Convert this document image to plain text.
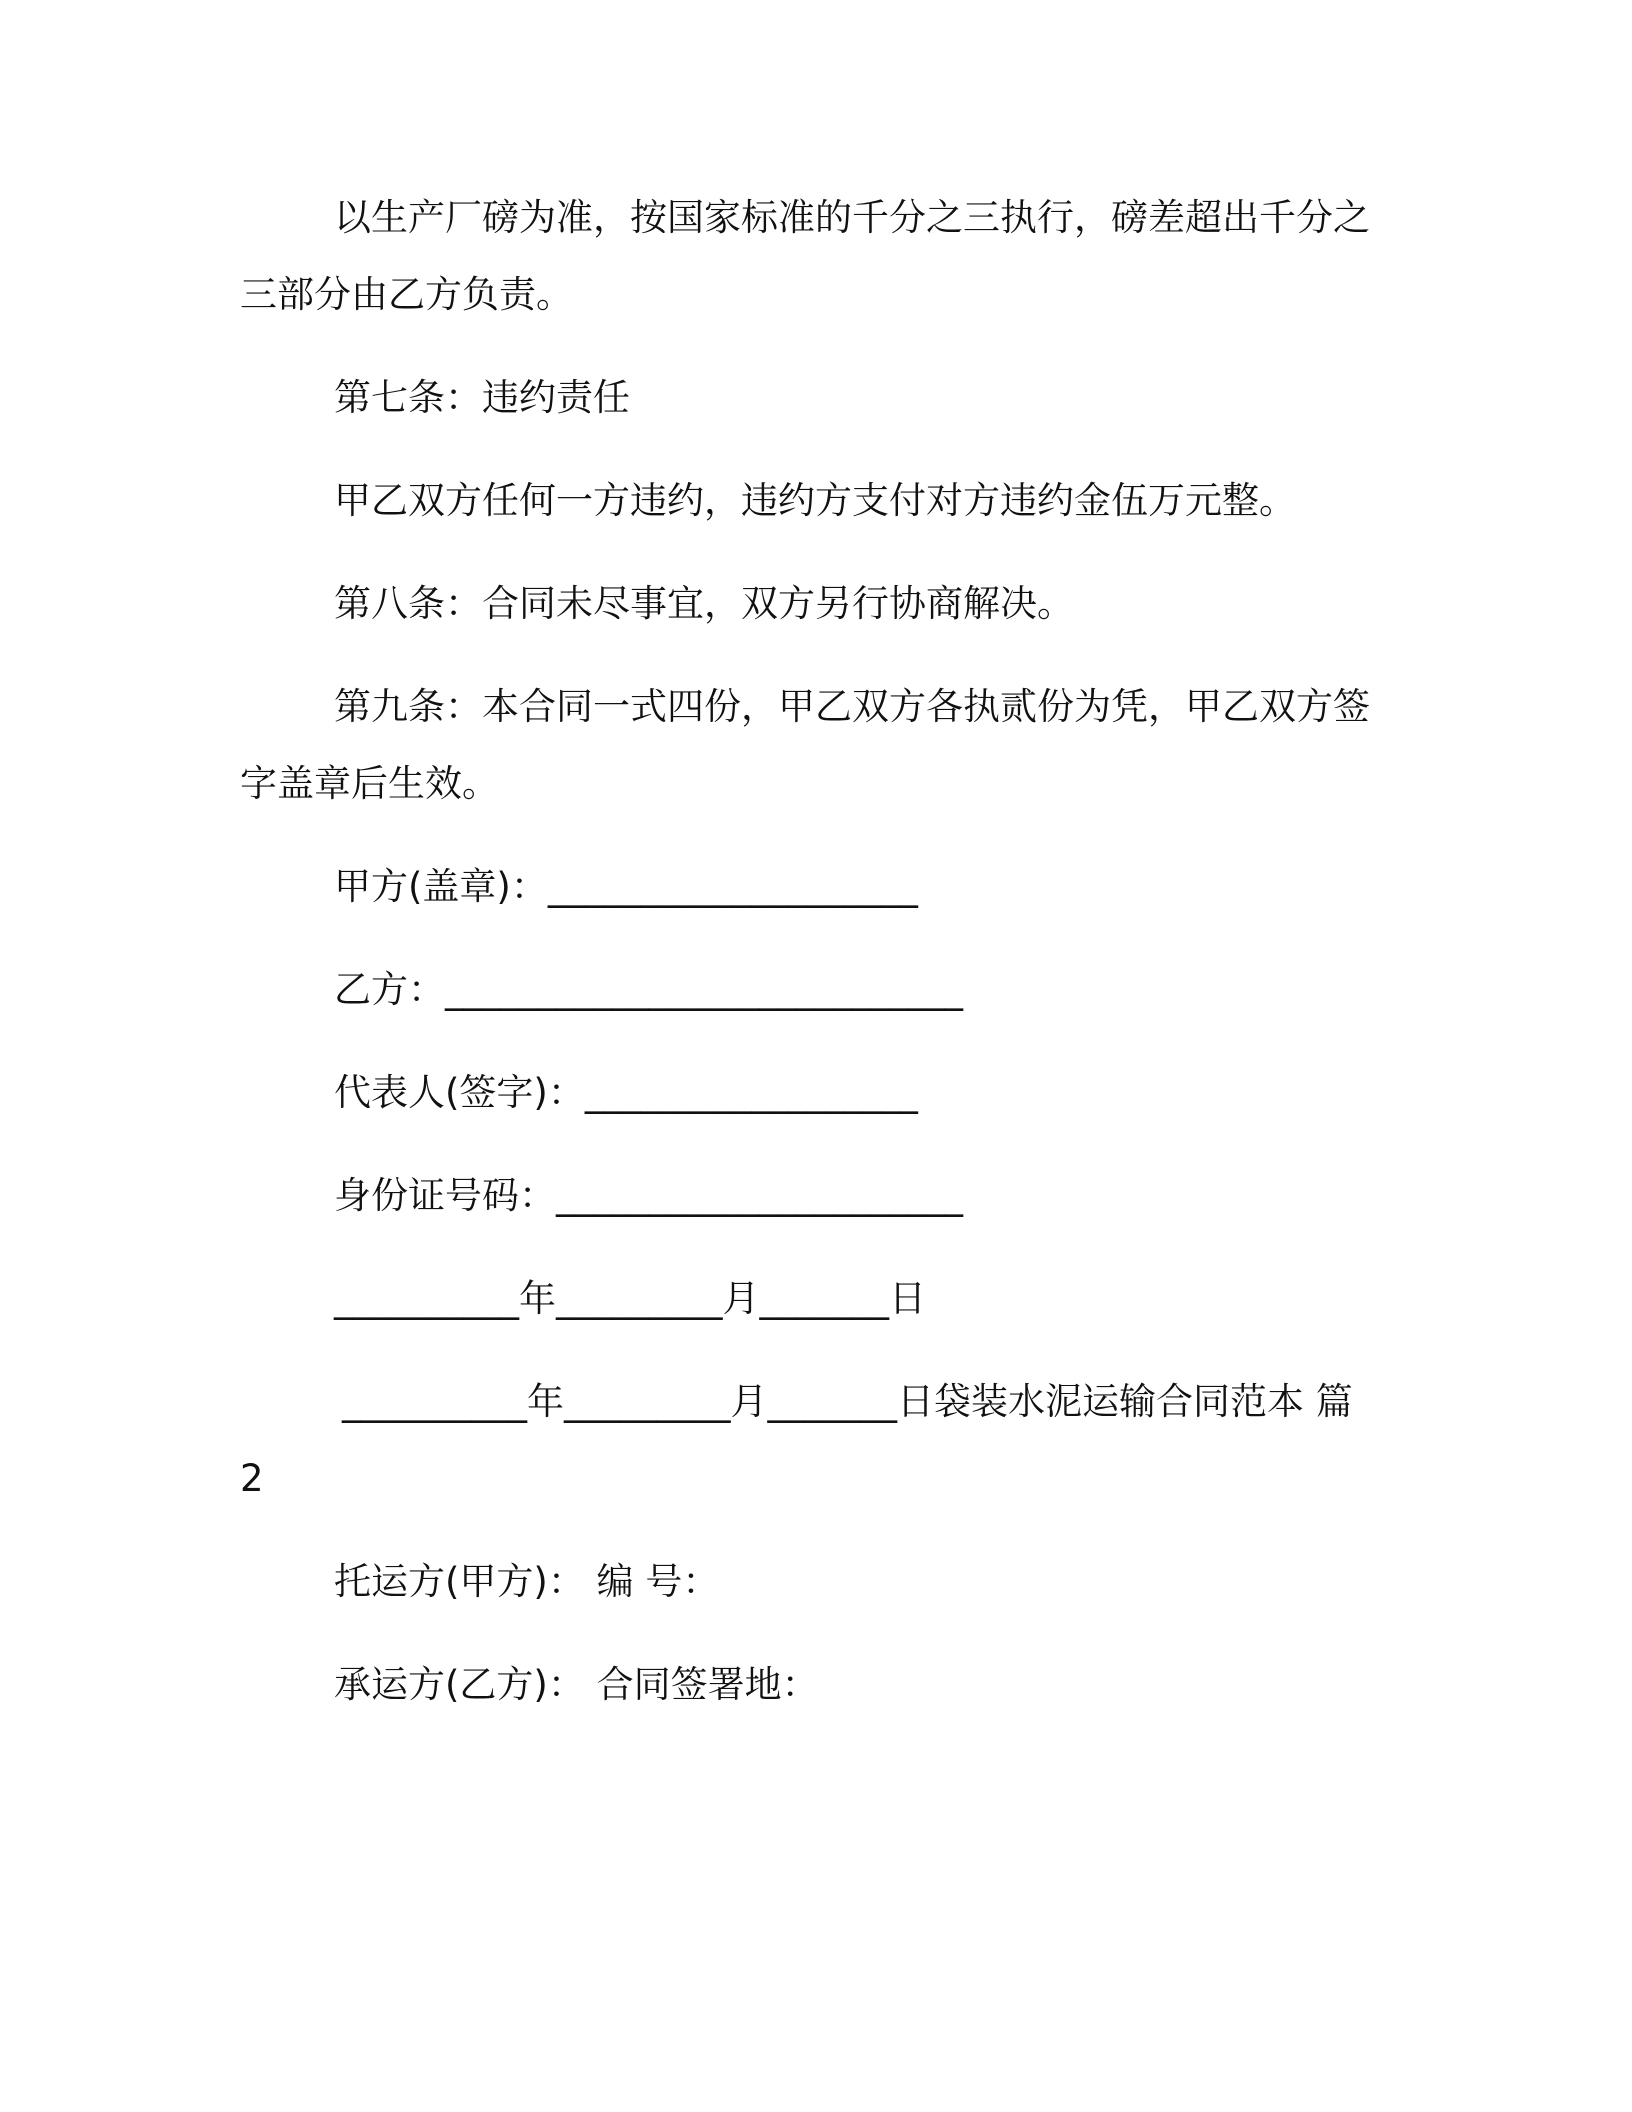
以生产厂磅为准，按国家标准的千分之三执行，磅差超出千分之
三部分由乙方负责。
第七条：违约责任
甲乙双方任何一方违约，违约方支付对方违约金伍万元整。
第八条：合同未尽事宜，双方另行协商解决。
第九条：本合同一式四份，甲乙双方各执贰份为凭，甲乙双方签
字盖章后生效。
甲方(盖章)：____________________
乙方：____________________________
代表人(签字)：__________________
身份证号码：______________________
__________年_________月_______日
__________年_________月_______日袋装水泥运输合同范本 篇
2
托运方(甲方)： 编 号：
承运方(乙方)： 合同签署地：
